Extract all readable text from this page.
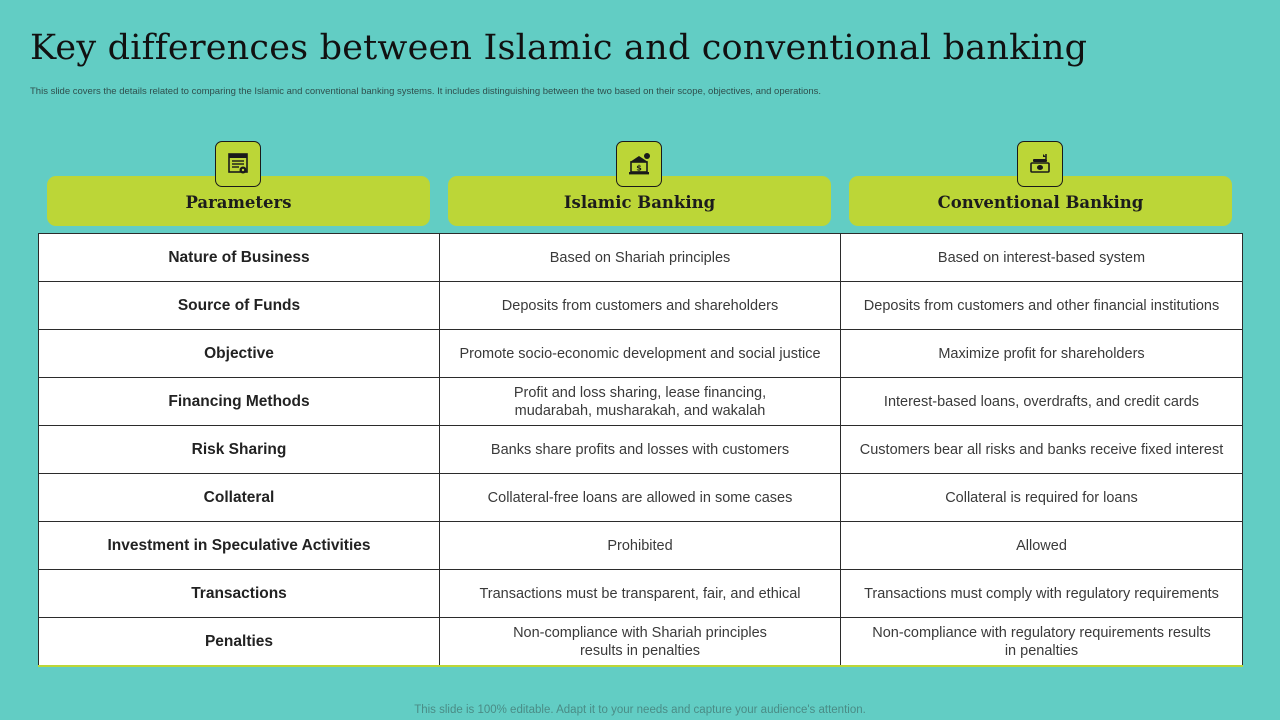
Key differences between Islamic and conventional banking
This slide covers the details related to comparing the Islamic and conventional banking systems. It includes distinguishing between the two based on their scope, objectives, and operations.
Parameters	Islamic Banking	Conventional Banking
$
Nature of Business	Based on Shariah principles	Based on interest-based system
Source of Funds	Deposits from customers and shareholders	Deposits from customers and other financial institutions
Objective	Promote socio-economic development and social justice	Maximize profit for shareholders
Financing Methods	Profit and loss sharing, lease financing, mudarabah, musharakah, and wakalah	Interest-based loans, overdrafts, and credit cards
Risk Sharing	Banks share profits and losses with customers	Customers bear all risks and banks receive fixed interest
Collateral	Collateral-free loans are allowed in some cases	Collateral is required for loans
Investment in Speculative Activities	Prohibited	Allowed
Transactions	Transactions must be transparent, fair, and ethical	Transactions must comply with regulatory requirements
Penalties	Non-compliance with Shariah principles results in penalties	Non-compliance with regulatory requirements results in penalties
This slide is 100% editable. Adapt it to your needs and capture your audience's attention.
